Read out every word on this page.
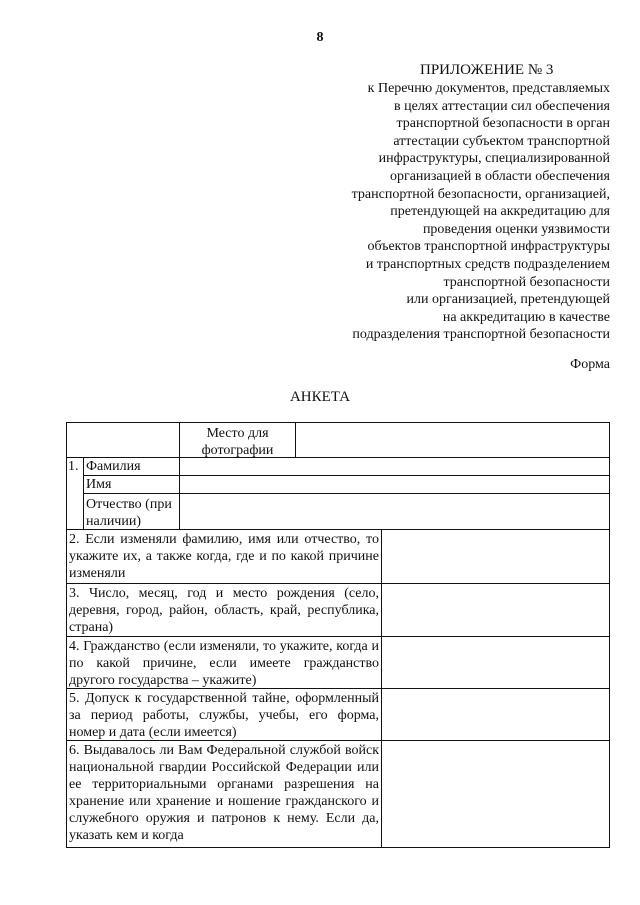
8
ПРИЛОЖЕНИЕ № 3
к Перечню документов, представляемых
в целях аттестации сил обеспечения
транспортной безопасности в орган
аттестации субъектом транспортной
инфраструктуры, специализированной
организацией в области обеспечения
транспортной безопасности, организацией,
претендующей на аккредитацию для
проведения оценки уязвимости
объектов транспортной инфраструктуры
и транспортных средств подразделением
транспортной безопасности
или организацией, претендующей
на аккредитацию в качестве
подразделения транспортной безопасности
Форма
АНКЕТА
Место для фотографии
1. Фамилия
Имя
Отчество (при наличии)
2. Если изменяли фамилию, имя или отчество, то укажите их, а также когда, где и по какой причине изменяли
3. Число, месяц, год и место рождения (село, деревня, город, район, область, край, республика, страна)
4. Гражданство (если изменяли, то укажите, когда и по какой причине, если имеете гражданство другого государства – укажите)
5. Допуск к государственной тайне, оформленный за период работы, службы, учебы, его форма, номер и дата (если имеется)
6. Выдавалось ли Вам Федеральной службой войск национальной гвардии Российской Федерации или ее территориальными органами разрешения на хранение или хранение и ношение гражданского и служебного оружия и патронов к нему. Если да, указать кем и когда
